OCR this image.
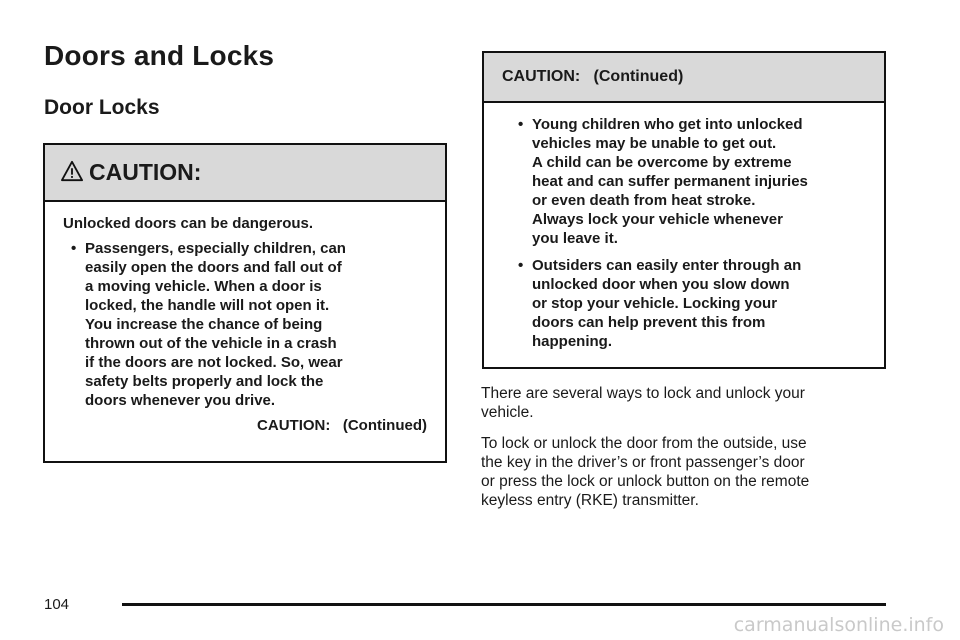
Doors and Locks
Door Locks
CAUTION:

Unlocked doors can be dangerous.

• Passengers, especially children, can
easily open the doors and fall out of
a moving vehicle. When a door is
locked, the handle will not open it.
You increase the chance of being
thrown out of the vehicle in a crash
if the doors are not locked. So, wear
safety belts properly and lock the
doors whenever you drive.
CAUTION:   (Continued)
CAUTION:   (Continued)
• Young children who get into unlocked
vehicles may be unable to get out.
A child can be overcome by extreme
heat and can suffer permanent injuries
or even death from heat stroke.
Always lock your vehicle whenever
you leave it.
• Outsiders can easily enter through an
unlocked door when you slow down
or stop your vehicle. Locking your
doors can help prevent this from
happening.

There are several ways to lock and unlock your
vehicle.

To lock or unlock the door from the outside, use
the key in the driver’s or front passenger’s door
or press the lock or unlock button on the remote
keyless entry (RKE) transmitter.

104
carmanualsonline.info
